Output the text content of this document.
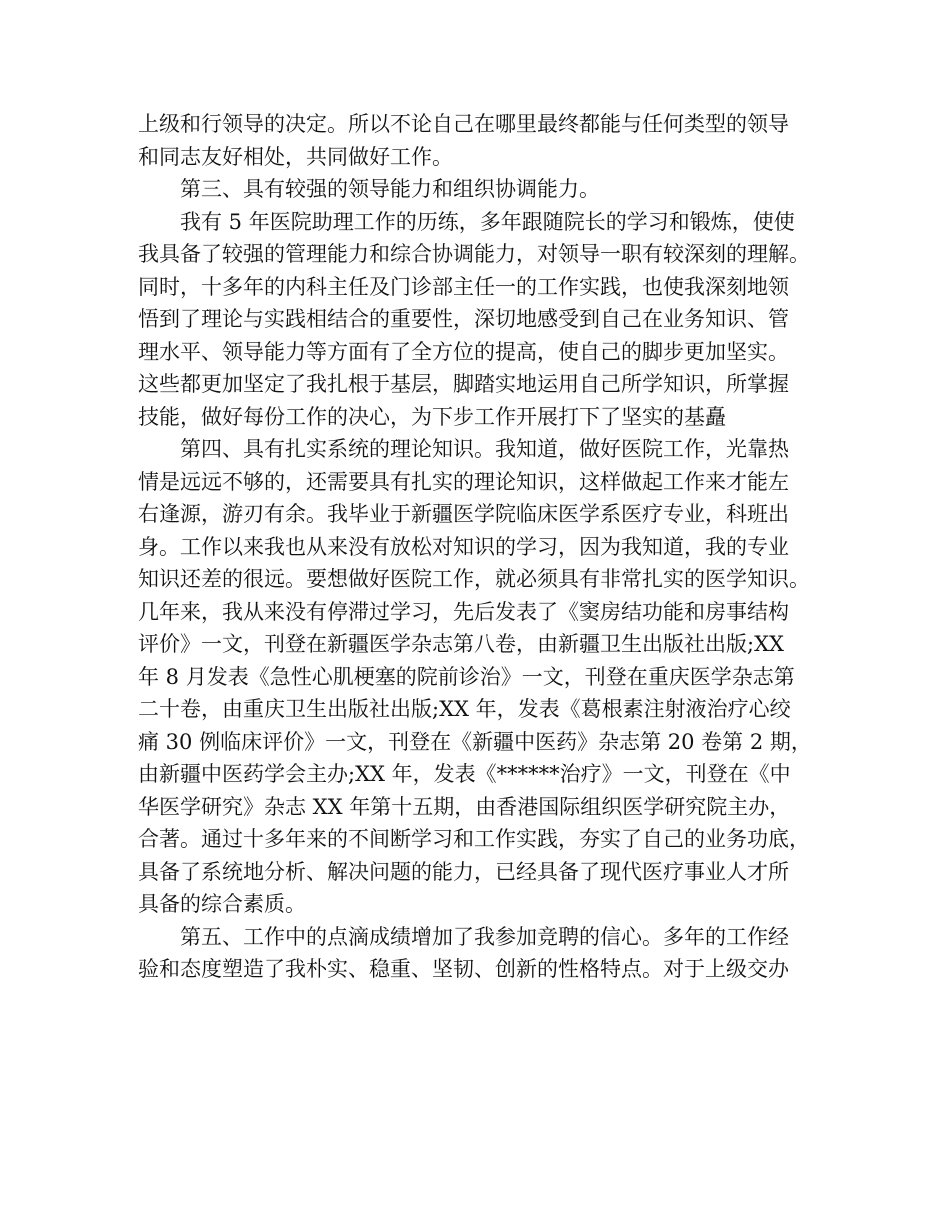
上级和行领导的决定。所以不论自己在哪里最终都能与任何类型的领导
和同志友好相处，共同做好工作。
第三、具有较强的领导能力和组织协调能力。
我有 5 年医院助理工作的历练，多年跟随院长的学习和锻炼，使使
我具备了较强的管理能力和综合协调能力，对领导一职有较深刻的理解。
同时，十多年的内科主任及门诊部主任一的工作实践，也使我深刻地领
悟到了理论与实践相结合的重要性，深切地感受到自己在业务知识、管
理水平、领导能力等方面有了全方位的提高，使自己的脚步更加坚实。
这些都更加坚定了我扎根于基层，脚踏实地运用自己所学知识，所掌握
技能，做好每份工作的决心，为下步工作开展打下了坚实的基矗
第四、具有扎实系统的理论知识。我知道，做好医院工作，光靠热
情是远远不够的，还需要具有扎实的理论知识，这样做起工作来才能左
右逢源，游刃有余。我毕业于新疆医学院临床医学系医疗专业，科班出
身。工作以来我也从来没有放松对知识的学习，因为我知道，我的专业
知识还差的很远。要想做好医院工作，就必须具有非常扎实的医学知识。
几年来，我从来没有停滞过学习，先后发表了《窦房结功能和房事结构
评价》一文，刊登在新疆医学杂志第八卷，由新疆卫生出版社出版;XX
年 8 月发表《急性心肌梗塞的院前诊治》一文，刊登在重庆医学杂志第
二十卷，由重庆卫生出版社出版;XX 年，发表《葛根素注射液治疗心绞
痛 30 例临床评价》一文，刊登在《新疆中医药》杂志第 20 卷第 2 期，
由新疆中医药学会主办;XX 年，发表《******治疗》一文，刊登在《中
华医学研究》杂志 XX 年第十五期，由香港国际组织医学研究院主办，
合著。通过十多年来的不间断学习和工作实践，夯实了自己的业务功底，
具备了系统地分析、解决问题的能力，已经具备了现代医疗事业人才所
具备的综合素质。
第五、工作中的点滴成绩增加了我参加竞聘的信心。多年的工作经
验和态度塑造了我朴实、稳重、坚韧、创新的性格特点。对于上级交办
